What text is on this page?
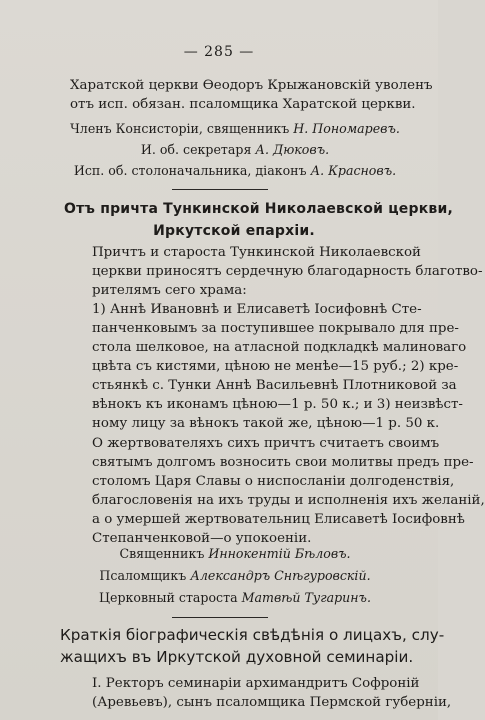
— 285 —
Харатской церкви Өеодоръ Крыжановскій уволенъ
отъ исп. обязан. псаломщика Харатской церкви.
Членъ Консисторіи, священникъ Н. Пономаревъ.
И. об. секретаря А. Дюковъ.
Исп. об. столоначальника, діаконъ А. Красновъ.
Отъ причта Тункинской Николаевской церкви,
Иркутской епархіи.
Причтъ и староста Тункинской Николаевской
церкви приносятъ сердечную благодарность благотво-
рителямъ сего храма:
1) Аннѣ Ивановнѣ и Елисаветѣ Іосифовнѣ Сте-
панченковымъ за поступившее покрывало для пре-
стола шелковое, на атласной подкладкѣ малиноваго
цвѣта съ кистями, цѣною не менѣе—15 руб.; 2) кре-
стьянкѣ с. Тунки Аннѣ Васильевнѣ Плотниковой за
вѣнокъ къ иконамъ цѣною—1 р. 50 к.; и 3) неизвѣст-
ному лицу за вѣнокъ такой же, цѣною—1 р. 50 к.
О жертвователяхъ сихъ причтъ считаетъ своимъ
святымъ долгомъ возносить свои молитвы предъ пре-
столомъ Царя Славы о ниспосланіи долгоденствія,
благословенія на ихъ труды и исполненія ихъ желаній,
а о умершей жертвовательниц Елисаветѣ Іосифовнѣ
Степанченковой—о упокоеніи.
Священникъ Иннокентій Бѣловъ.
Псаломщикъ Александръ Снѣгуровскій.
Церковный староста Матвѣй Тугаринъ.
Краткія біографическія свѣдѣнія о лицахъ, слу-
жащихъ въ Иркутской духовной семинаріи.
I. Ректоръ семинаріи архимандритъ Софроній
(Аревьевъ), сынъ псаломщика Пермской губерніи,
